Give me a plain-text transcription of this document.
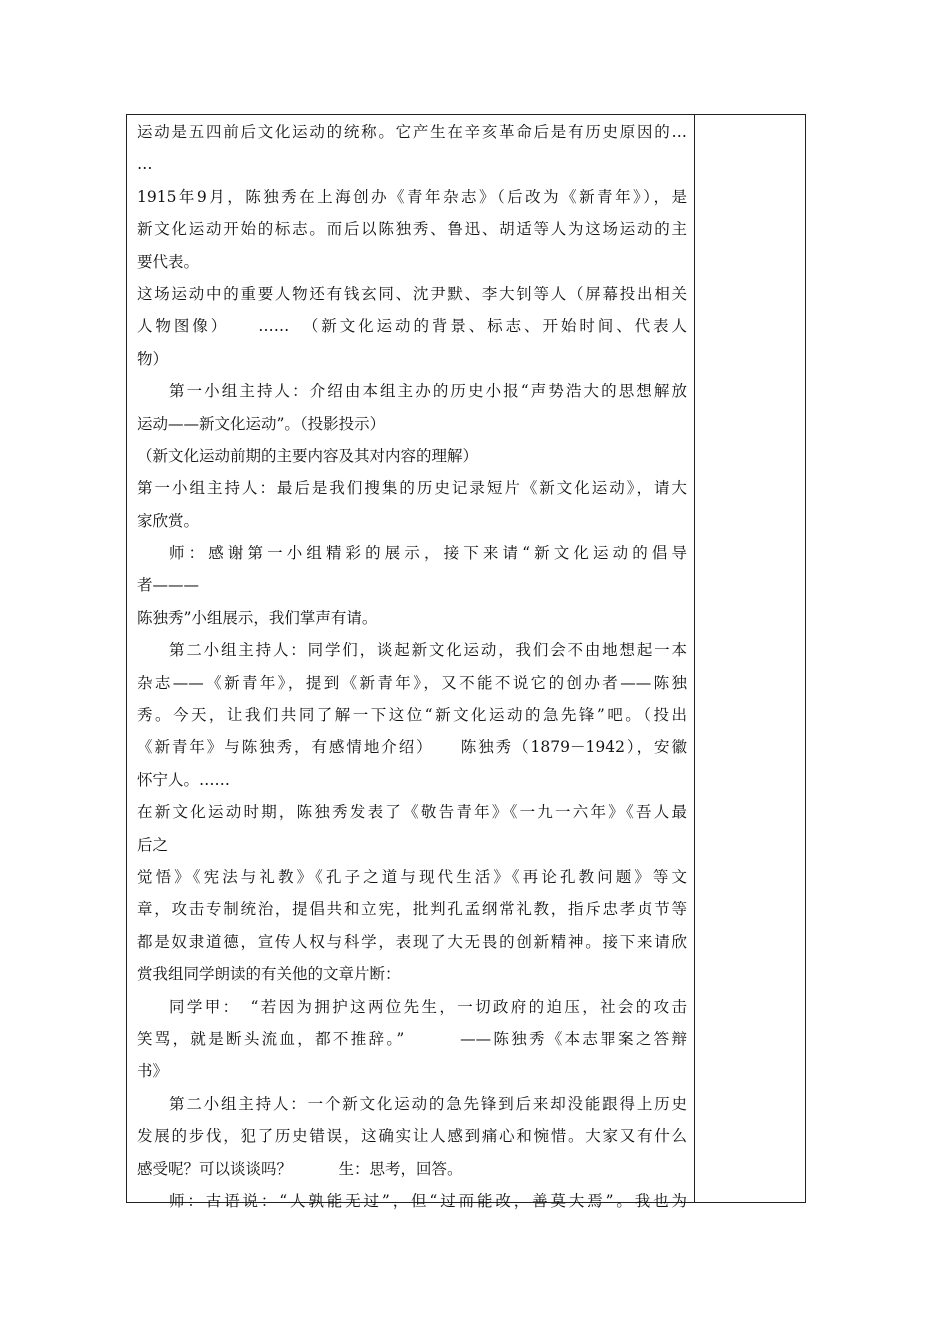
运动是五四前后文化运动的统称。它产生在辛亥革命后是有历史原因的…
…
1915年9月，陈独秀在上海创办《青年杂志》（后改为《新青年》），是
新文化运动开始的标志。而后以陈独秀、鲁迅、胡适等人为这场运动的主
要代表。
这场运动中的重要人物还有钱玄同、沈尹默、李大钊等人（屏幕投出相关
人物图像）　　……　（新文化运动的背景、标志、开始时间、代表人
物）
第一小组主持人：介绍由本组主办的历史小报“声势浩大的思想解放
运动——新文化运动”。（投影投示）
（新文化运动前期的主要内容及其对内容的理解）
第一小组主持人：最后是我们搜集的历史记录短片《新文化运动》，请大
家欣赏。
师：感谢第一小组精彩的展示，接下来请“新文化运动的倡导
者———
陈独秀”小组展示，我们掌声有请。
第二小组主持人：同学们，谈起新文化运动，我们会不由地想起一本
杂志——《新青年》，提到《新青年》，又不能不说它的创办者——陈独
秀。今天，让我们共同了解一下这位“新文化运动的急先锋”吧。（投出
《新青年》与陈独秀，有感情地介绍）　　陈独秀（1879－1942），安徽
怀宁人。……
在新文化运动时期，陈独秀发表了《敬告青年》《一九一六年》《吾人最
后之
觉悟》《宪法与礼教》《孔子之道与现代生活》《再论孔教问题》等文
章，攻击专制统治，提倡共和立宪，批判孔孟纲常礼教，指斥忠孝贞节等
都是奴隶道德，宣传人权与科学，表现了大无畏的创新精神。接下来请欣
赏我组同学朗读的有关他的文章片断：
同学甲：　“若因为拥护这两位先生，一切政府的迫压，社会的攻击
笑骂，就是断头流血，都不推辞。”　　　——陈独秀《本志罪案之答辩
书》
第二小组主持人：一个新文化运动的急先锋到后来却没能跟得上历史
发展的步伐，犯了历史错误，这确实让人感到痛心和惋惜。大家又有什么
感受呢？可以谈谈吗？　　　生：思考，回答。
师：古语说：“人孰能无过”，但“过而能改，善莫大焉”。我也为
